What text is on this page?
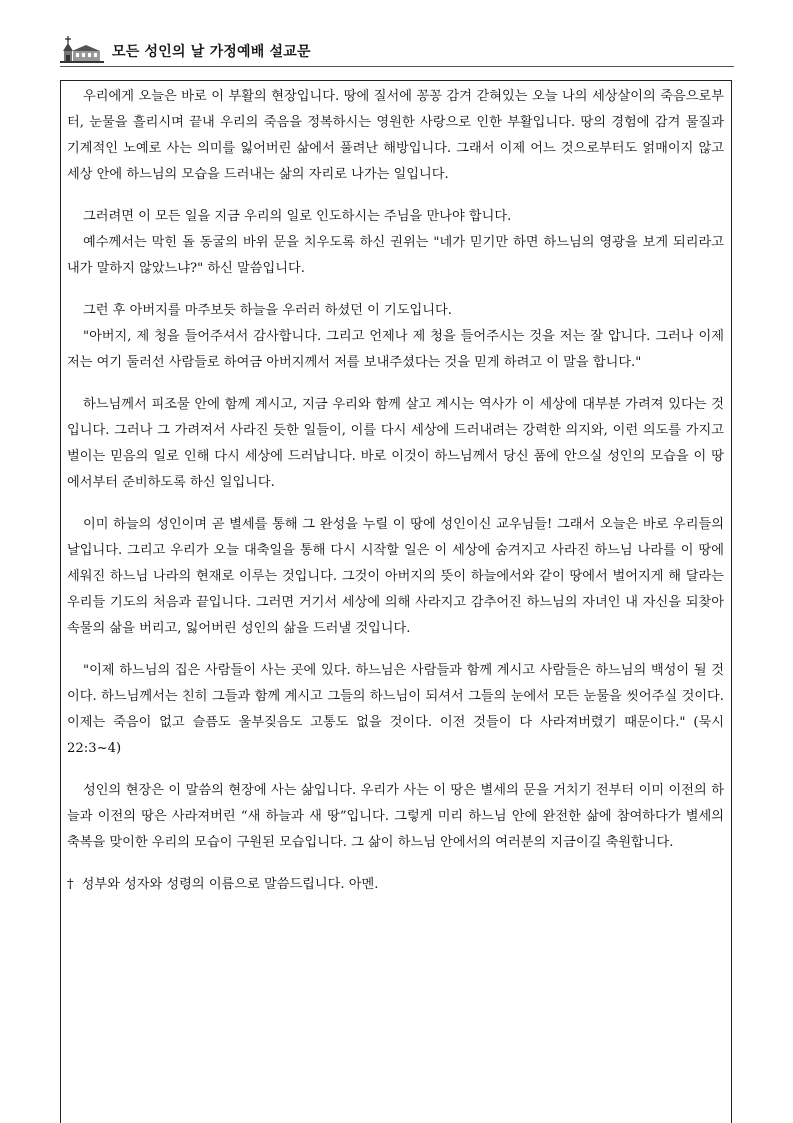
모든 성인의 날 가정예배 설교문

우리에게 오늘은 바로 이 부활의 현장입니다. 땅에 질서에 꽁꽁 감겨 갇혀있는 오늘 나의 세상살이의 죽음으로부터, 눈물을 흘리시며 끝내 우리의 죽음을 정복하시는 영원한 사랑으로 인한 부활입니다. 땅의 경험에 감겨 물질과 기계적인 노예로 사는 의미를 잃어버린 삶에서 풀려난 해방입니다. 그래서 이제 어느 것으로부터도 얽매이지 않고 세상 안에 하느님의 모습을 드러내는 삶의 자리로 나가는 일입니다.

그러려면 이 모든 일을 지금 우리의 일로 인도하시는 주님을 만나야 합니다.

예수께서는 막힌 돌 동굴의 바위 문을 치우도록 하신 권위는 "네가 믿기만 하면 하느님의 영광을 보게 되리라고 내가 말하지 않았느냐?" 하신 말씀입니다.

그런 후 아버지를 마주보듯 하늘을 우러러 하셨던 이 기도입니다.

"아버지, 제 청을 들어주셔서 감사합니다. 그리고 언제나 제 청을 들어주시는 것을 저는 잘 압니다. 그러나 이제 저는 여기 둘러선 사람들로 하여금 아버지께서 저를 보내주셨다는 것을 믿게 하려고 이 말을 합니다."

하느님께서 피조물 안에 함께 계시고, 지금 우리와 함께 살고 계시는 역사가 이 세상에 대부분 가려져 있다는 것입니다. 그러나 그 가려져서 사라진 듯한 일들이, 이를 다시 세상에 드러내려는 강력한 의지와, 이런 의도를 가지고 벌이는 믿음의 일로 인해 다시 세상에 드러납니다. 바로 이것이 하느님께서 당신 품에 안으실 성인의 모습을 이 땅에서부터 준비하도록 하신 일입니다.

이미 하늘의 성인이며 곧 별세를 통해 그 완성을 누릴 이 땅에 성인이신 교우님들! 그래서 오늘은 바로 우리들의 날입니다. 그리고 우리가 오늘 대축일을 통해 다시 시작할 일은 이 세상에 숨겨지고 사라진 하느님 나라를 이 땅에 세워진 하느님 나라의 현재로 이루는 것입니다. 그것이 아버지의 뜻이 하늘에서와 같이 땅에서 벌어지게 해 달라는 우리들 기도의 처음과 끝입니다. 그러면 거기서 세상에 의해 사라지고 감추어진 하느님의 자녀인 내 자신을 되찾아 속물의 삶을 버리고, 잃어버린 성인의 삶을 드러낼 것입니다.

"이제 하느님의 집은 사람들이 사는 곳에 있다. 하느님은 사람들과 함께 계시고 사람들은 하느님의 백성이 될 것이다. 하느님께서는 친히 그들과 함께 계시고 그들의 하느님이 되셔서 그들의 눈에서 모든 눈물을 씻어주실 것이다. 이제는 죽음이 없고 슬픔도 울부짖음도 고통도 없을 것이다. 이전 것들이 다 사라져버렸기 때문이다." (묵시 22:3~4)

성인의 현장은 이 말씀의 현장에 사는 삶입니다. 우리가 사는 이 땅은 별세의 문을 거치기 전부터 이미 이전의 하늘과 이전의 땅은 사라져버린 “새 하늘과 새 땅”입니다. 그렇게 미리 하느님 안에 완전한 삶에 참여하다가 별세의 축복을 맞이한 우리의 모습이 구원된 모습입니다. 그 삶이 하느님 안에서의 여러분의 지금이길 축원합니다.

† 성부와 성자와 성령의 이름으로 말씀드립니다. 아멘.
